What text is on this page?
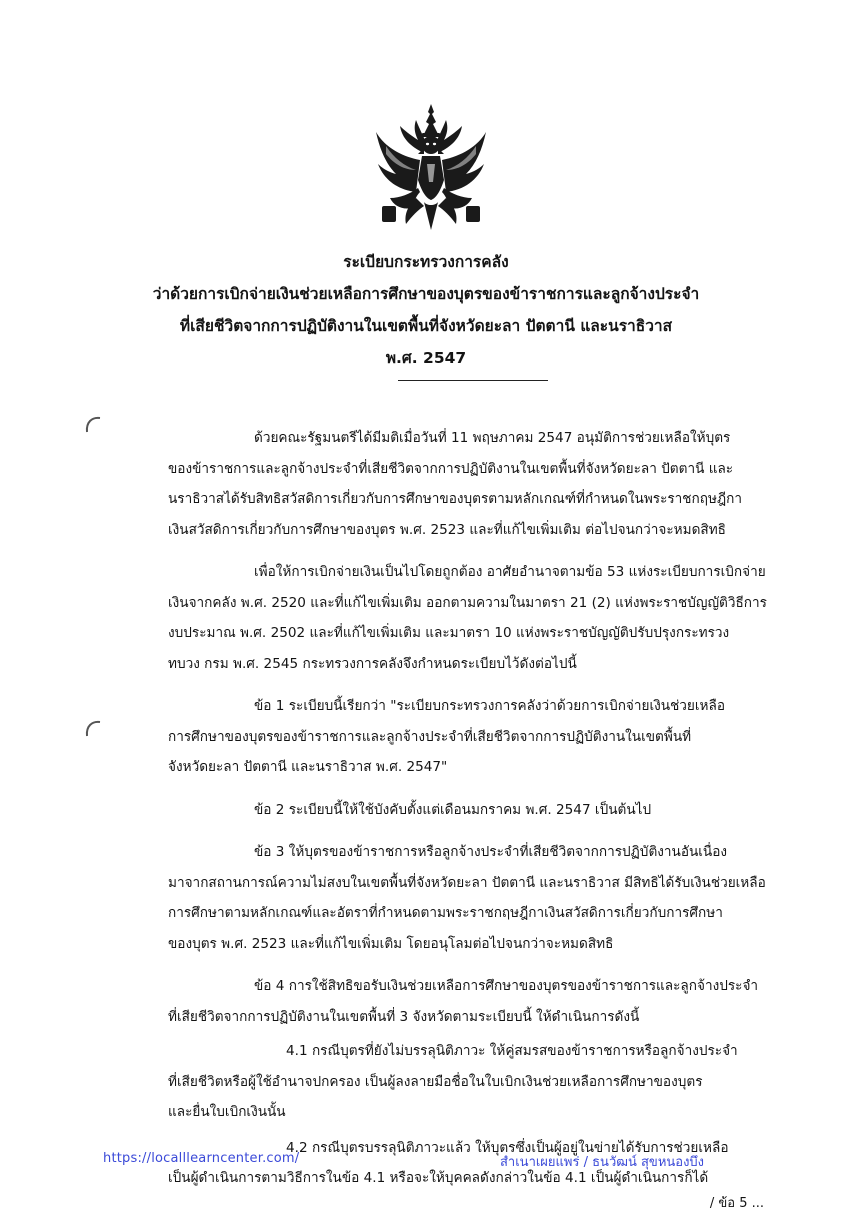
ระเบียบกระทรวงการคลัง
ว่าด้วยการเบิกจ่ายเงินช่วยเหลือการศึกษาของบุตรของข้าราชการและลูกจ้างประจำ
ที่เสียชีวิตจากการปฏิบัติงานในเขตพื้นที่จังหวัดยะลา ปัตตานี และนราธิวาส
พ.ศ. 2547
ด้วยคณะรัฐมนตรีได้มีมติเมื่อวันที่ 11 พฤษภาคม 2547 อนุมัติการช่วยเหลือให้บุตร
ของข้าราชการและลูกจ้างประจำที่เสียชีวิตจากการปฏิบัติงานในเขตพื้นที่จังหวัดยะลา ปัตตานี และ
นราธิวาสได้รับสิทธิสวัสดิการเกี่ยวกับการศึกษาของบุตรตามหลักเกณฑ์ที่กำหนดในพระราชกฤษฎีกา
เงินสวัสดิการเกี่ยวกับการศึกษาของบุตร พ.ศ. 2523 และที่แก้ไขเพิ่มเติม ต่อไปจนกว่าจะหมดสิทธิ
เพื่อให้การเบิกจ่ายเงินเป็นไปโดยถูกต้อง อาศัยอำนาจตามข้อ 53 แห่งระเบียบการเบิกจ่าย
เงินจากคลัง พ.ศ. 2520 และที่แก้ไขเพิ่มเติม ออกตามความในมาตรา 21 (2) แห่งพระราชบัญญัติวิธีการ
งบประมาณ พ.ศ. 2502 และที่แก้ไขเพิ่มเติม และมาตรา 10 แห่งพระราชบัญญัติปรับปรุงกระทรวง
ทบวง กรม พ.ศ. 2545 กระทรวงการคลังจึงกำหนดระเบียบไว้ดังต่อไปนี้
ข้อ 1 ระเบียบนี้เรียกว่า "ระเบียบกระทรวงการคลังว่าด้วยการเบิกจ่ายเงินช่วยเหลือ
การศึกษาของบุตรของข้าราชการและลูกจ้างประจำที่เสียชีวิตจากการปฏิบัติงานในเขตพื้นที่
จังหวัดยะลา ปัตตานี และนราธิวาส พ.ศ. 2547"
ข้อ 2 ระเบียบนี้ให้ใช้บังคับตั้งแต่เดือนมกราคม พ.ศ. 2547 เป็นต้นไป
ข้อ 3 ให้บุตรของข้าราชการหรือลูกจ้างประจำที่เสียชีวิตจากการปฏิบัติงานอันเนื่อง
มาจากสถานการณ์ความไม่สงบในเขตพื้นที่จังหวัดยะลา ปัตตานี และนราธิวาส มีสิทธิได้รับเงินช่วยเหลือ
การศึกษาตามหลักเกณฑ์และอัตราที่กำหนดตามพระราชกฤษฎีกาเงินสวัสดิการเกี่ยวกับการศึกษา
ของบุตร พ.ศ. 2523 และที่แก้ไขเพิ่มเติม โดยอนุโลมต่อไปจนกว่าจะหมดสิทธิ
ข้อ 4 การใช้สิทธิขอรับเงินช่วยเหลือการศึกษาของบุตรของข้าราชการและลูกจ้างประจำ
ที่เสียชีวิตจากการปฏิบัติงานในเขตพื้นที่ 3 จังหวัดตามระเบียบนี้ ให้ดำเนินการดังนี้
4.1 กรณีบุตรที่ยังไม่บรรลุนิติภาวะ ให้คู่สมรสของข้าราชการหรือลูกจ้างประจำ
ที่เสียชีวิตหรือผู้ใช้อำนาจปกครอง เป็นผู้ลงลายมือชื่อในใบเบิกเงินช่วยเหลือการศึกษาของบุตร
และยื่นใบเบิกเงินนั้น
4.2 กรณีบุตรบรรลุนิติภาวะแล้ว ให้บุตรซึ่งเป็นผู้อยู่ในข่ายได้รับการช่วยเหลือ
เป็นผู้ดำเนินการตามวิธีการในข้อ 4.1 หรือจะให้บุคคลดังกล่าวในข้อ 4.1 เป็นผู้ดำเนินการก็ได้
/ ข้อ 5 ...
https://localllearncenter.com/	สำเนาเผยแพร่ / ธนวัฒน์ สุขหนองบึง
